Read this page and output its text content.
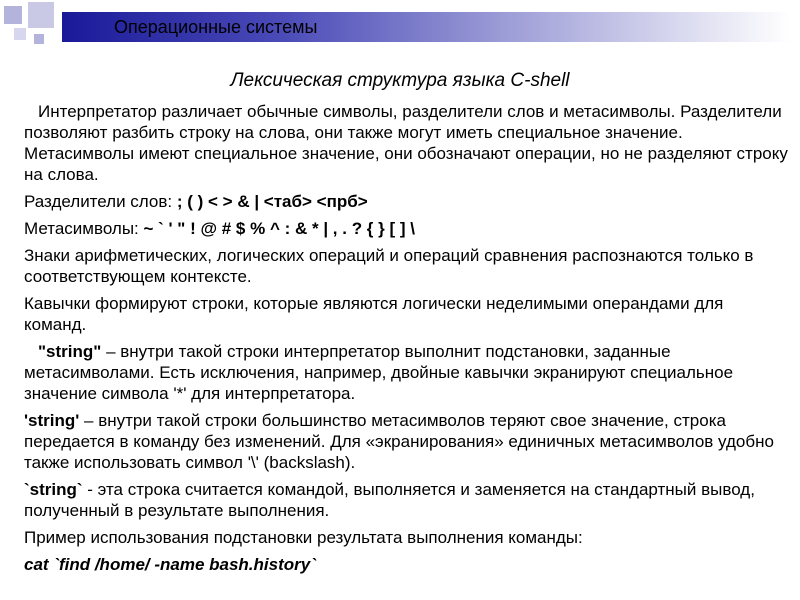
Операционные системы
Лексическая структура языка C-shell

Интерпретатор различает обычные символы, разделители слов и метасимволы. Разделители позволяют разбить строку на слова, они также могут иметь специальное значение. Метасимволы имеют специальное значение, они обозначают операции, но не разделяют строку на слова.

Разделители слов: ; ( ) < > & | <таб> <прб>

Метасимволы: ~ ` ' " ! @ # $ % ^ : & * | , . ? { } [ ] \

Знаки арифметических, логических операций и операций сравнения распознаются только в соответствующем контексте.

Кавычки формируют строки, которые являются логически неделимыми операндами для команд.

"string" – внутри такой строки интерпретатор выполнит подстановки, заданные метасимволами. Есть исключения, например, двойные кавычки экранируют специальное значение символа '*' для интерпретатора.

'string' – внутри такой строки большинство метасимволов теряют свое значение, строка передается в команду без изменений. Для «экранирования» единичных метасимволов удобно также использовать символ '\' (backslash).

`string` - эта строка считается командой, выполняется и заменяется на стандартный вывод, полученный в результате выполнения.

Пример использования подстановки результата выполнения команды:

cat `find /home/ -name bash.history`
